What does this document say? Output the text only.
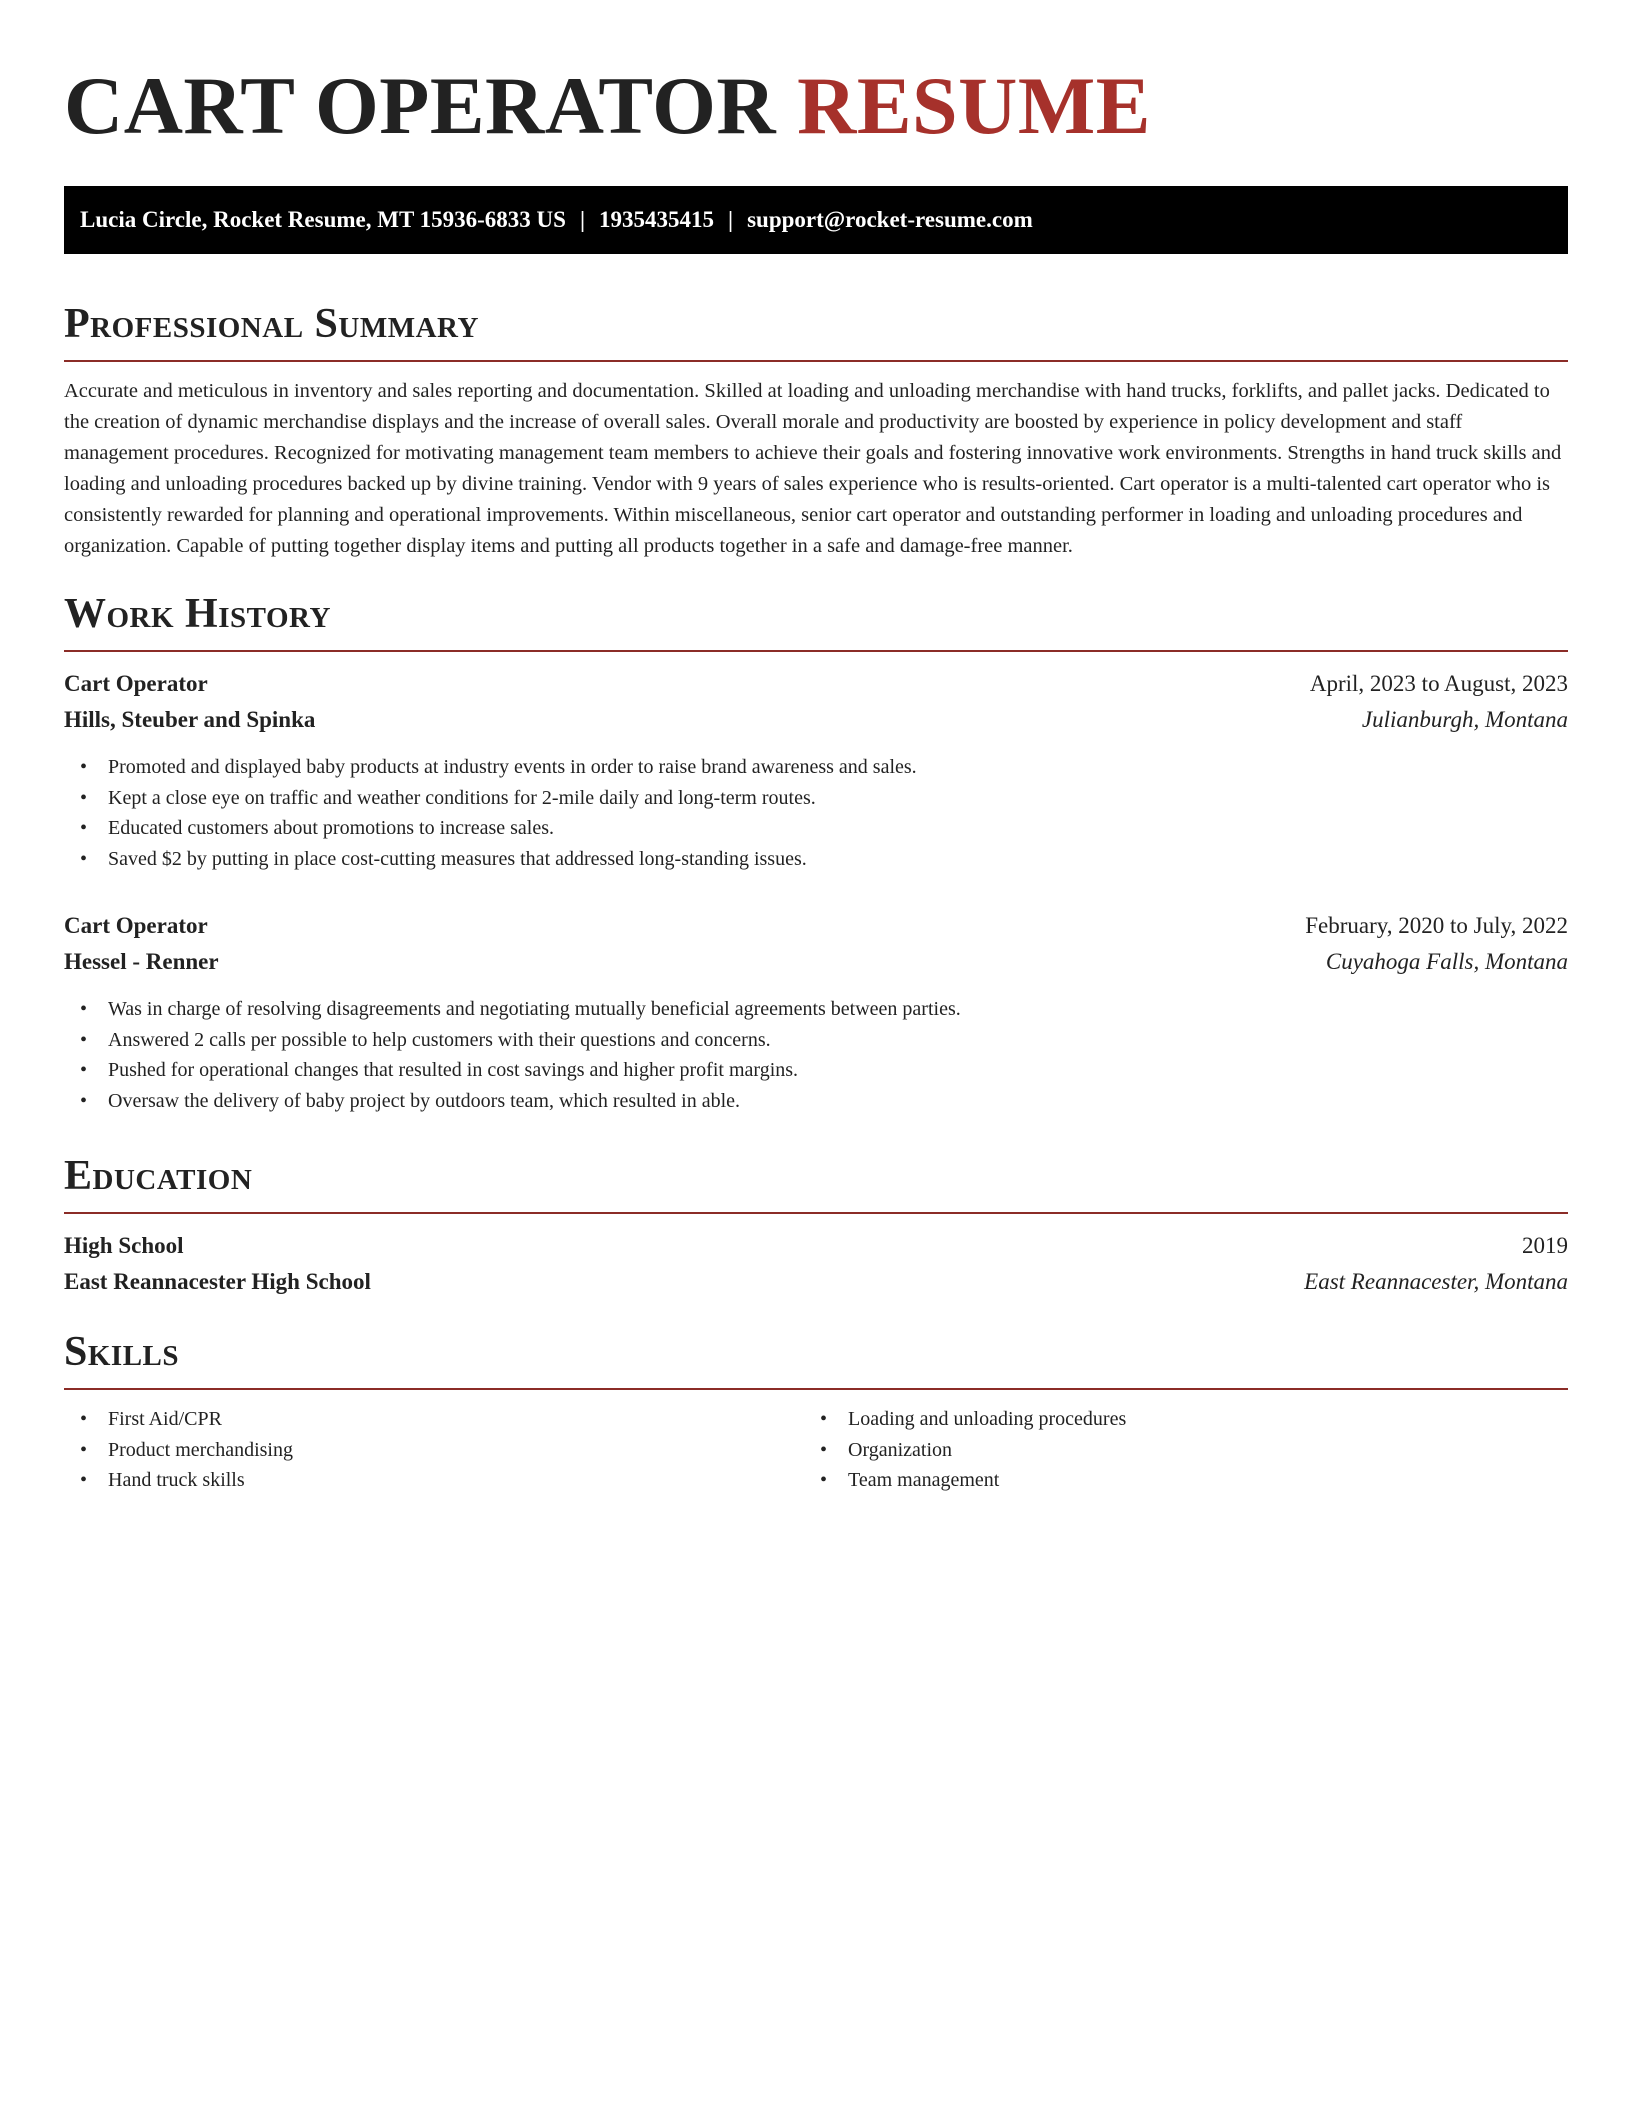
CART OPERATOR RESUME
Lucia Circle, Rocket Resume, MT 15936-6833 US | 1935435415 | support@rocket-resume.com
Professional Summary

Accurate and meticulous in inventory and sales reporting and documentation. Skilled at loading and unloading merchandise with hand trucks, forklifts, and pallet jacks. Dedicated to the creation of dynamic merchandise displays and the increase of overall sales. Overall morale and productivity are boosted by experience in policy development and staff management procedures. Recognized for motivating management team members to achieve their goals and fostering innovative work environments. Strengths in hand truck skills and loading and unloading procedures backed up by divine training. Vendor with 9 years of sales experience who is results-oriented. Cart operator is a multi-talented cart operator who is consistently rewarded for planning and operational improvements. Within miscellaneous, senior cart operator and outstanding performer in loading and unloading procedures and organization. Capable of putting together display items and putting all products together in a safe and damage-free manner.

Work History
Cart Operator	April, 2023 to August, 2023
Hills, Steuber and Spinka	Julianburgh, Montana
• Promoted and displayed baby products at industry events in order to raise brand awareness and sales.
• Kept a close eye on traffic and weather conditions for 2-mile daily and long-term routes.
• Educated customers about promotions to increase sales.
• Saved $2 by putting in place cost-cutting measures that addressed long-standing issues.
Cart Operator	February, 2020 to July, 2022
Hessel - Renner	Cuyahoga Falls, Montana
• Was in charge of resolving disagreements and negotiating mutually beneficial agreements between parties.
• Answered 2 calls per possible to help customers with their questions and concerns.
• Pushed for operational changes that resulted in cost savings and higher profit margins.
• Oversaw the delivery of baby project by outdoors team, which resulted in able.
Education
High School	2019
East Reannacester High School	East Reannacester, Montana
Skills
• First Aid/CPR
• Product merchandising
• Hand truck skills
• Loading and unloading procedures
• Organization
• Team management
